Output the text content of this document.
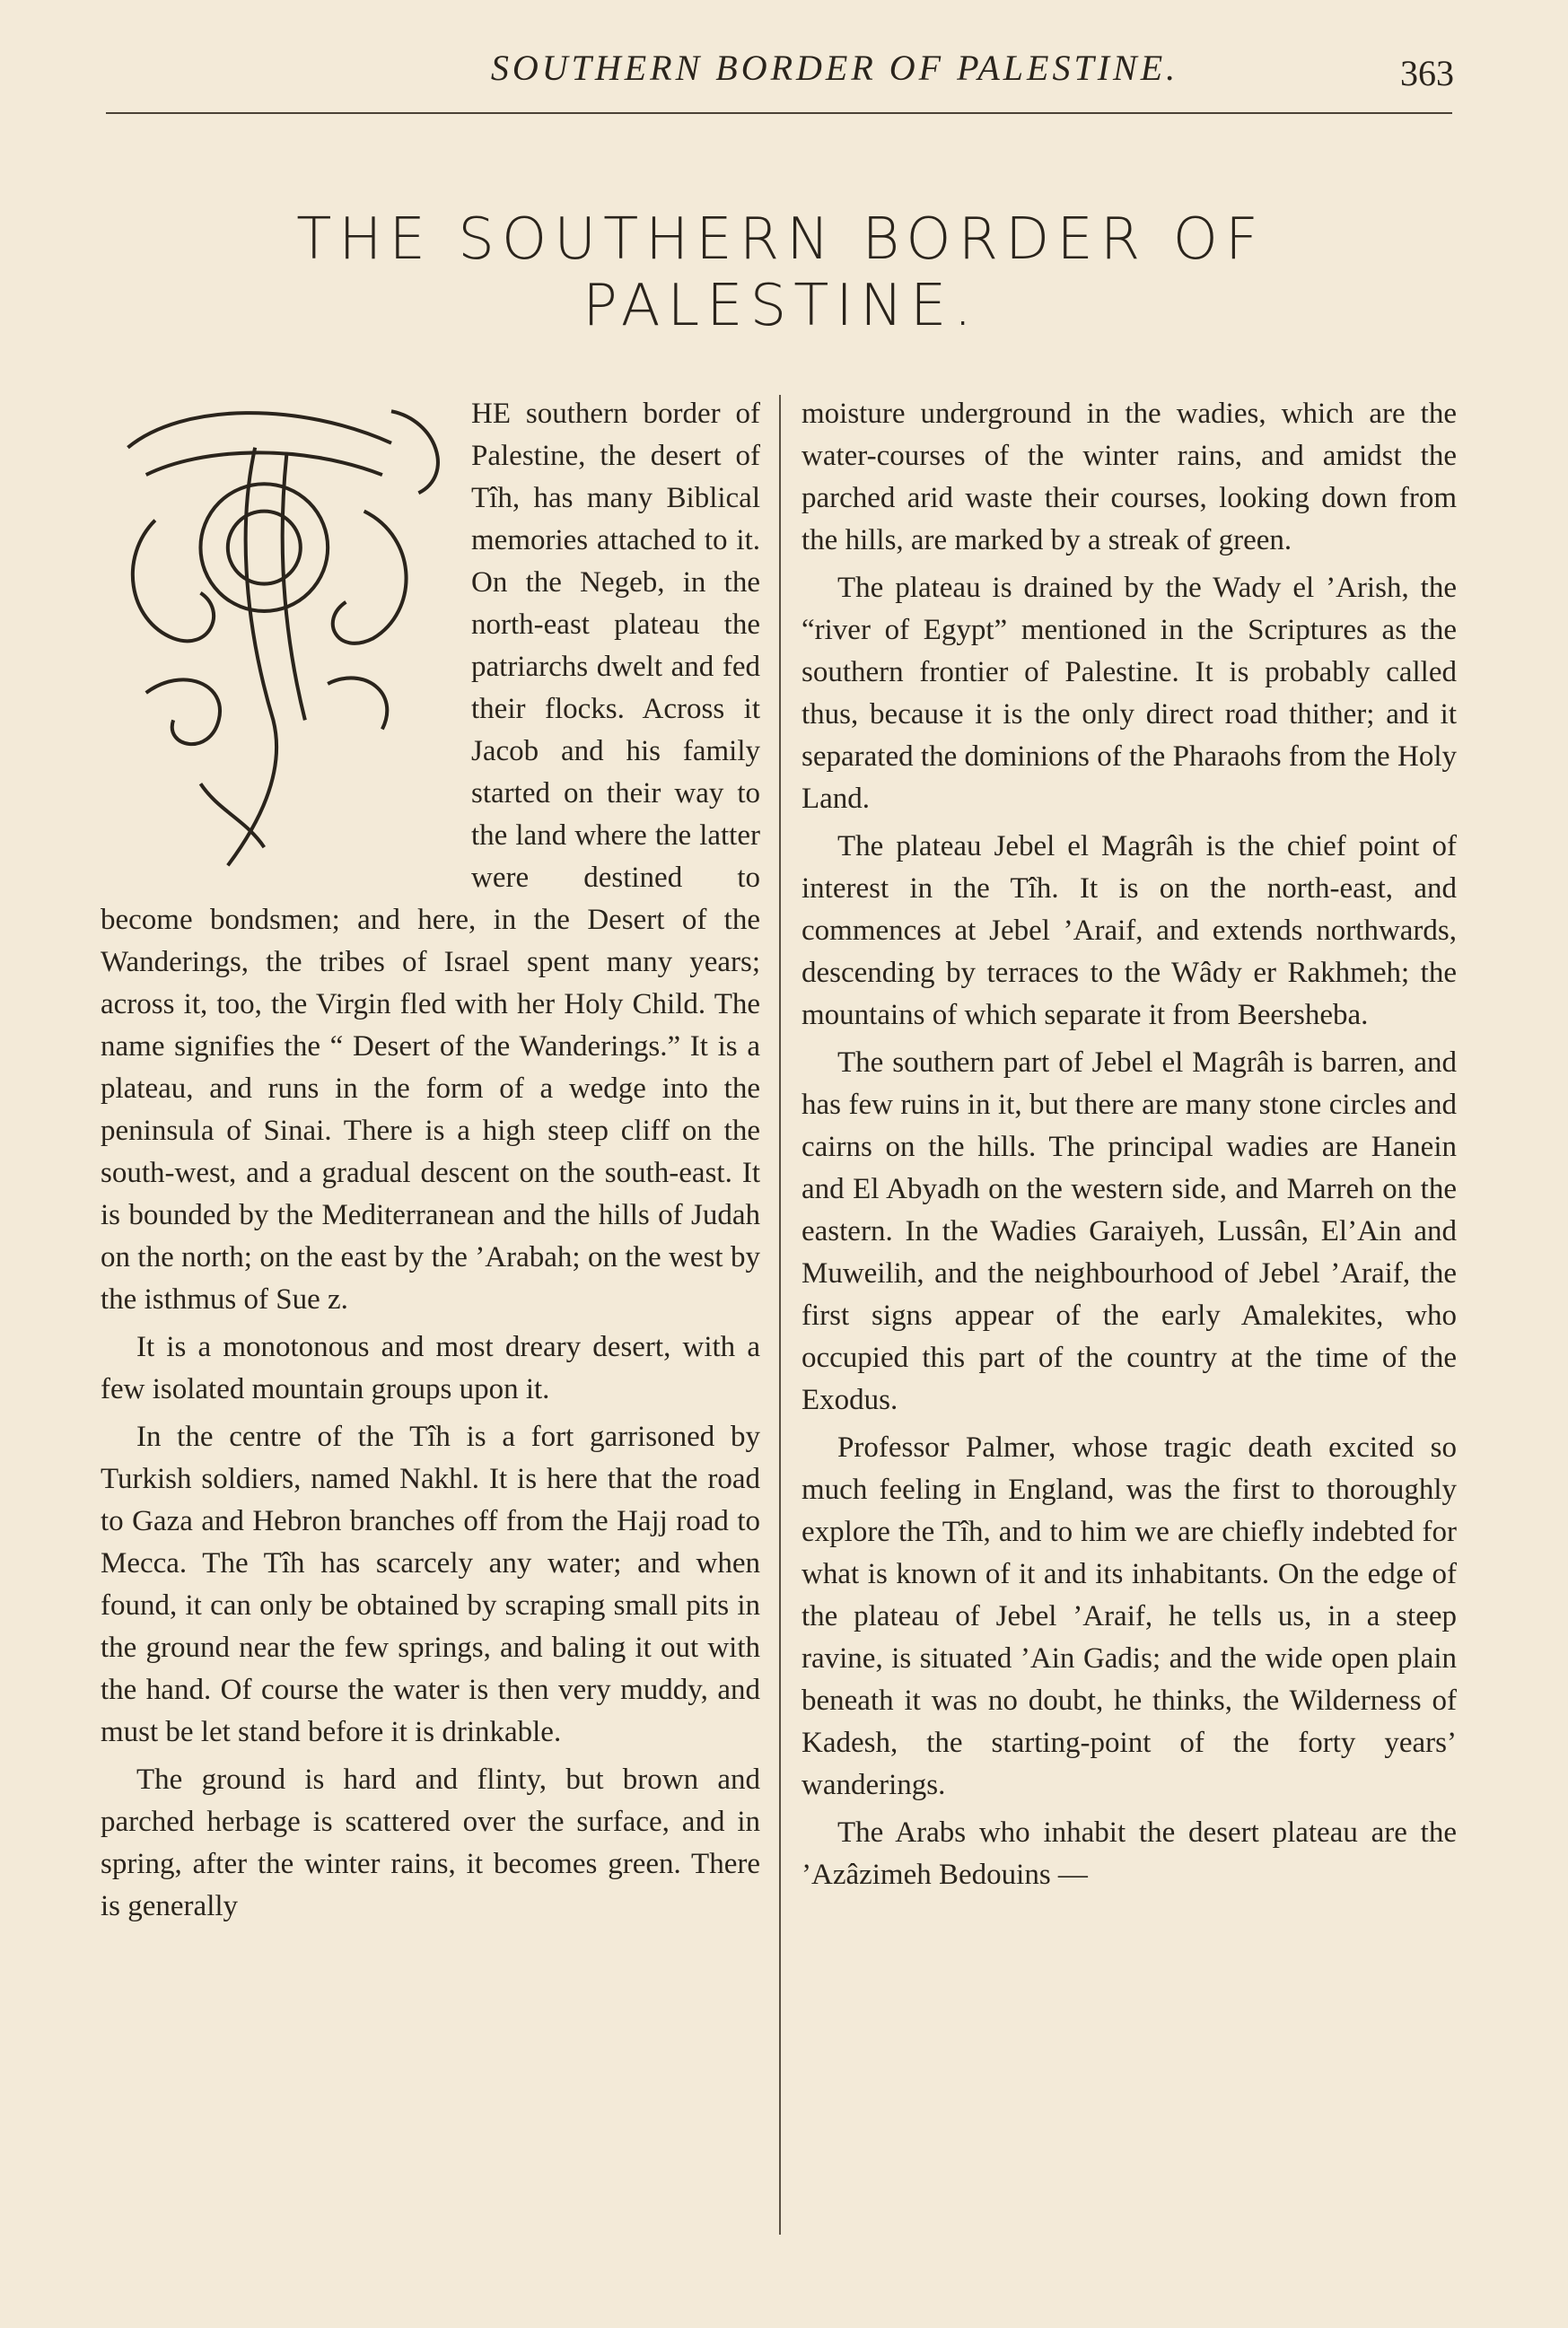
SOUTHERN BORDER OF PALESTINE.	363
THE SOUTHERN BORDER OF PALESTINE.

HE southern border of Palestine, the desert of Tîh, has many Biblical memories attached to it. On the Negeb, in the north-east plateau the patriarchs dwelt and fed their flocks. Across it Jacob and his family started on their way to the land where the latter were destined to become bondsmen; and here, in the Desert of the Wanderings, the tribes of Israel spent many years; across it, too, the Virgin fled with her Holy Child. The name signifies the “ Desert of the Wanderings.” It is a plateau, and runs in the form of a wedge into the peninsula of Sinai. There is a high steep cliff on the south-west, and a gradual descent on the south-east. It is bounded by the Mediterranean and the hills of Judah on the north; on the east by the ’Arabah; on the west by the isthmus of Sue z.

It is a monotonous and most dreary desert, with a few isolated mountain groups upon it.

In the centre of the Tîh is a fort garrisoned by Turkish soldiers, named Nakhl. It is here that the road to Gaza and Hebron branches off from the Hajj road to Mecca. The Tîh has scarcely any water; and when found, it can only be obtained by scraping small pits in the ground near the few springs, and baling it out with the hand. Of course the water is then very muddy, and must be let stand before it is drinkable.

The ground is hard and flinty, but brown and parched herbage is scattered over the surface, and in spring, after the winter rains, it becomes green. There is generally

moisture underground in the wadies, which are the water-courses of the winter rains, and amidst the parched arid waste their courses, looking down from the hills, are marked by a streak of green.

The plateau is drained by the Wady el ’Arish, the “river of Egypt” mentioned in the Scriptures as the southern frontier of Palestine. It is probably called thus, because it is the only direct road thither; and it separated the dominions of the Pharaohs from the Holy Land.

The plateau Jebel el Magrâh is the chief point of interest in the Tîh. It is on the north-east, and commences at Jebel ’Araif, and extends northwards, descending by terraces to the Wâdy er Rakhmeh; the mountains of which separate it from Beersheba.

The southern part of Jebel el Magrâh is barren, and has few ruins in it, but there are many stone circles and cairns on the hills. The principal wadies are Hanein and El Abyadh on the western side, and Marreh on the eastern. In the Wadies Garaiyeh, Lussân, El’Ain and Muweilih, and the neighbourhood of Jebel ’Araif, the first signs appear of the early Amalekites, who occupied this part of the country at the time of the Exodus.

Professor Palmer, whose tragic death excited so much feeling in England, was the first to thoroughly explore the Tîh, and to him we are chiefly indebted for what is known of it and its inhabitants. On the edge of the plateau of Jebel ’Araif, he tells us, in a steep ravine, is situated ’Ain Gadis; and the wide open plain beneath it was no doubt, he thinks, the Wilderness of Kadesh, the starting-point of the forty years’ wanderings.

The Arabs who inhabit the desert plateau are the ’Azâzimeh Bedouins —
